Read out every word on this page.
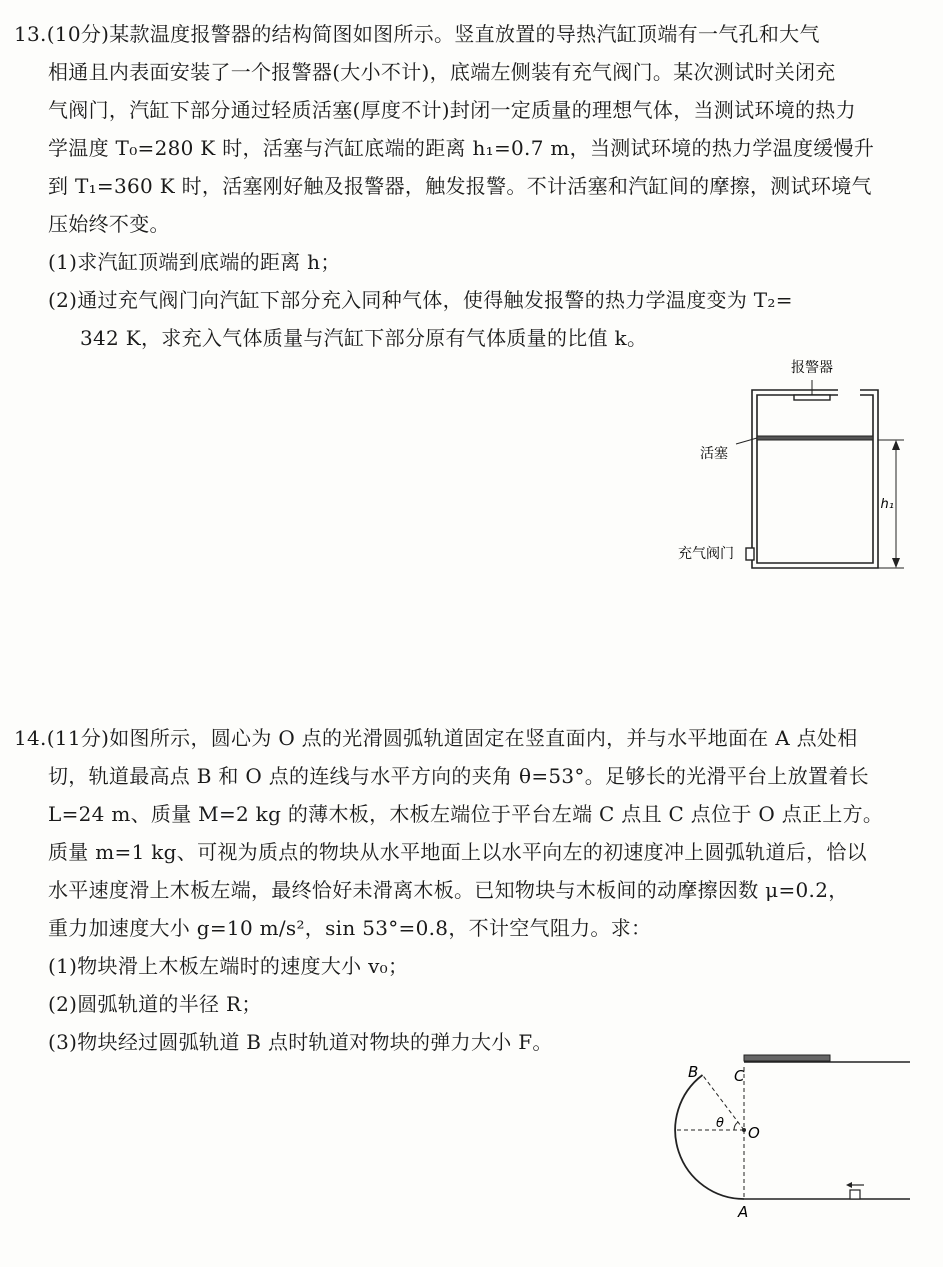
13.(10分)某款温度报警器的结构简图如图所示。竖直放置的导热汽缸顶端有一气孔和大气
相通且内表面安装了一个报警器(大小不计)，底端左侧装有充气阀门。某次测试时关闭充
气阀门，汽缸下部分通过轻质活塞(厚度不计)封闭一定质量的理想气体，当测试环境的热力
学温度 T₀=280 K 时，活塞与汽缸底端的距离 h₁=0.7 m，当测试环境的热力学温度缓慢升
到 T₁=360 K 时，活塞刚好触及报警器，触发报警。不计活塞和汽缸间的摩擦，测试环境气
压始终不变。
(1)求汽缸顶端到底端的距离 h；
(2)通过充气阀门向汽缸下部分充入同种气体，使得触发报警的热力学温度变为 T₂=
342 K，求充入气体质量与汽缸下部分原有气体质量的比值 k。
报警器
活塞
h₁
充气阀门
14.(11分)如图所示，圆心为 O 点的光滑圆弧轨道固定在竖直面内，并与水平地面在 A 点处相
切，轨道最高点 B 和 O 点的连线与水平方向的夹角 θ=53°。足够长的光滑平台上放置着长
L=24 m、质量 M=2 kg 的薄木板，木板左端位于平台左端 C 点且 C 点位于 O 点正上方。
质量 m=1 kg、可视为质点的物块从水平地面上以水平向左的初速度冲上圆弧轨道后，恰以
水平速度滑上木板左端，最终恰好未滑离木板。已知物块与木板间的动摩擦因数 μ=0.2，
重力加速度大小 g=10 m/s²，sin 53°=0.8，不计空气阻力。求：
(1)物块滑上木板左端时的速度大小 v₀；
(2)圆弧轨道的半径 R；
(3)物块经过圆弧轨道 B 点时轨道对物块的弹力大小 F。
B C
O
A
θ
